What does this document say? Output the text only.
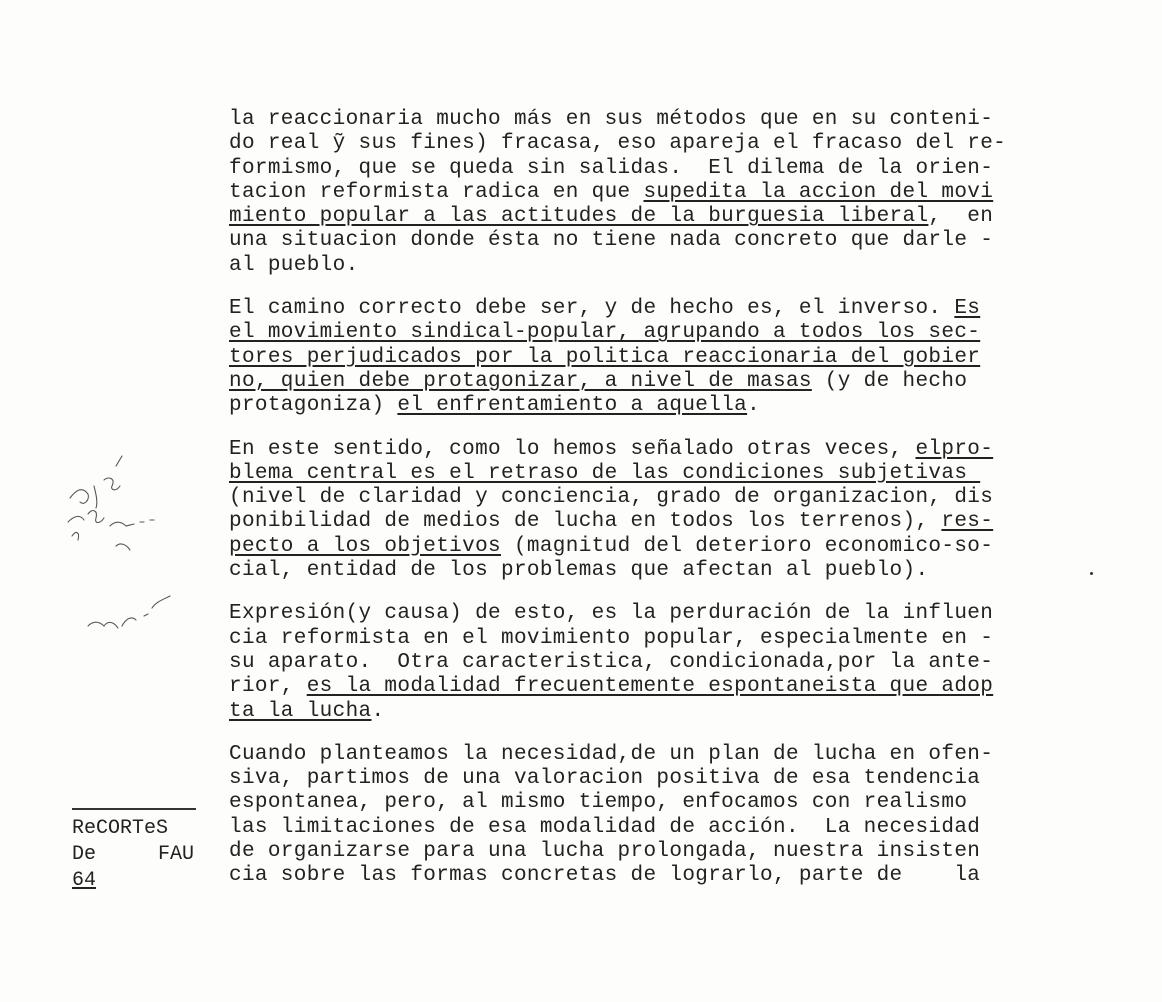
la reaccionaria mucho más en sus métodos que en su conteni-
do real ỹ sus fines) fracasa, eso apareja el fracaso del re-
formismo, que se queda sin salidas.  El dilema de la orien-
tacion reformista radica en que supedita la accion del movi
miento popular a las actitudes de la burguesia liberal,  en
una situacion donde ésta no tiene nada concreto que darle -
al pueblo.
El camino correcto debe ser, y de hecho es, el inverso. Es
el movimiento sindical-popular, agrupando a todos los sec-
tores perjudicados por la politica reaccionaria del gobier
no, quien debe protagonizar, a nivel de masas (y de hecho
protagoniza) el enfrentamiento a aquella.
En este sentido, como lo hemos señalado otras veces, elpro-
blema central es el retraso de las condiciones subjetivas
(nivel de claridad y conciencia, grado de organizacion, dis
ponibilidad de medios de lucha en todos los terrenos), res-
pecto a los objetivos (magnitud del deterioro economico-so-
cial, entidad de los problemas que afectan al pueblo).
Expresión(y causa) de esto, es la perduración de la influen
cia reformista en el movimiento popular, especialmente en -
su aparato.  Otra caracteristica, condicionada,por la ante-
rior, es la modalidad frecuentemente espontaneista que adop
ta la lucha.
Cuando planteamos la necesidad,de un plan de lucha en ofen-
siva, partimos de una valoracion positiva de esa tendencia
espontanea, pero, al mismo tiempo, enfocamos con realismo
las limitaciones de esa modalidad de acción.  La necesidad
de organizarse para una lucha prolongada, nuestra insisten
cia sobre las formas concretas de lograrlo, parte de    la
ReCORTeS
De	FAU
64
